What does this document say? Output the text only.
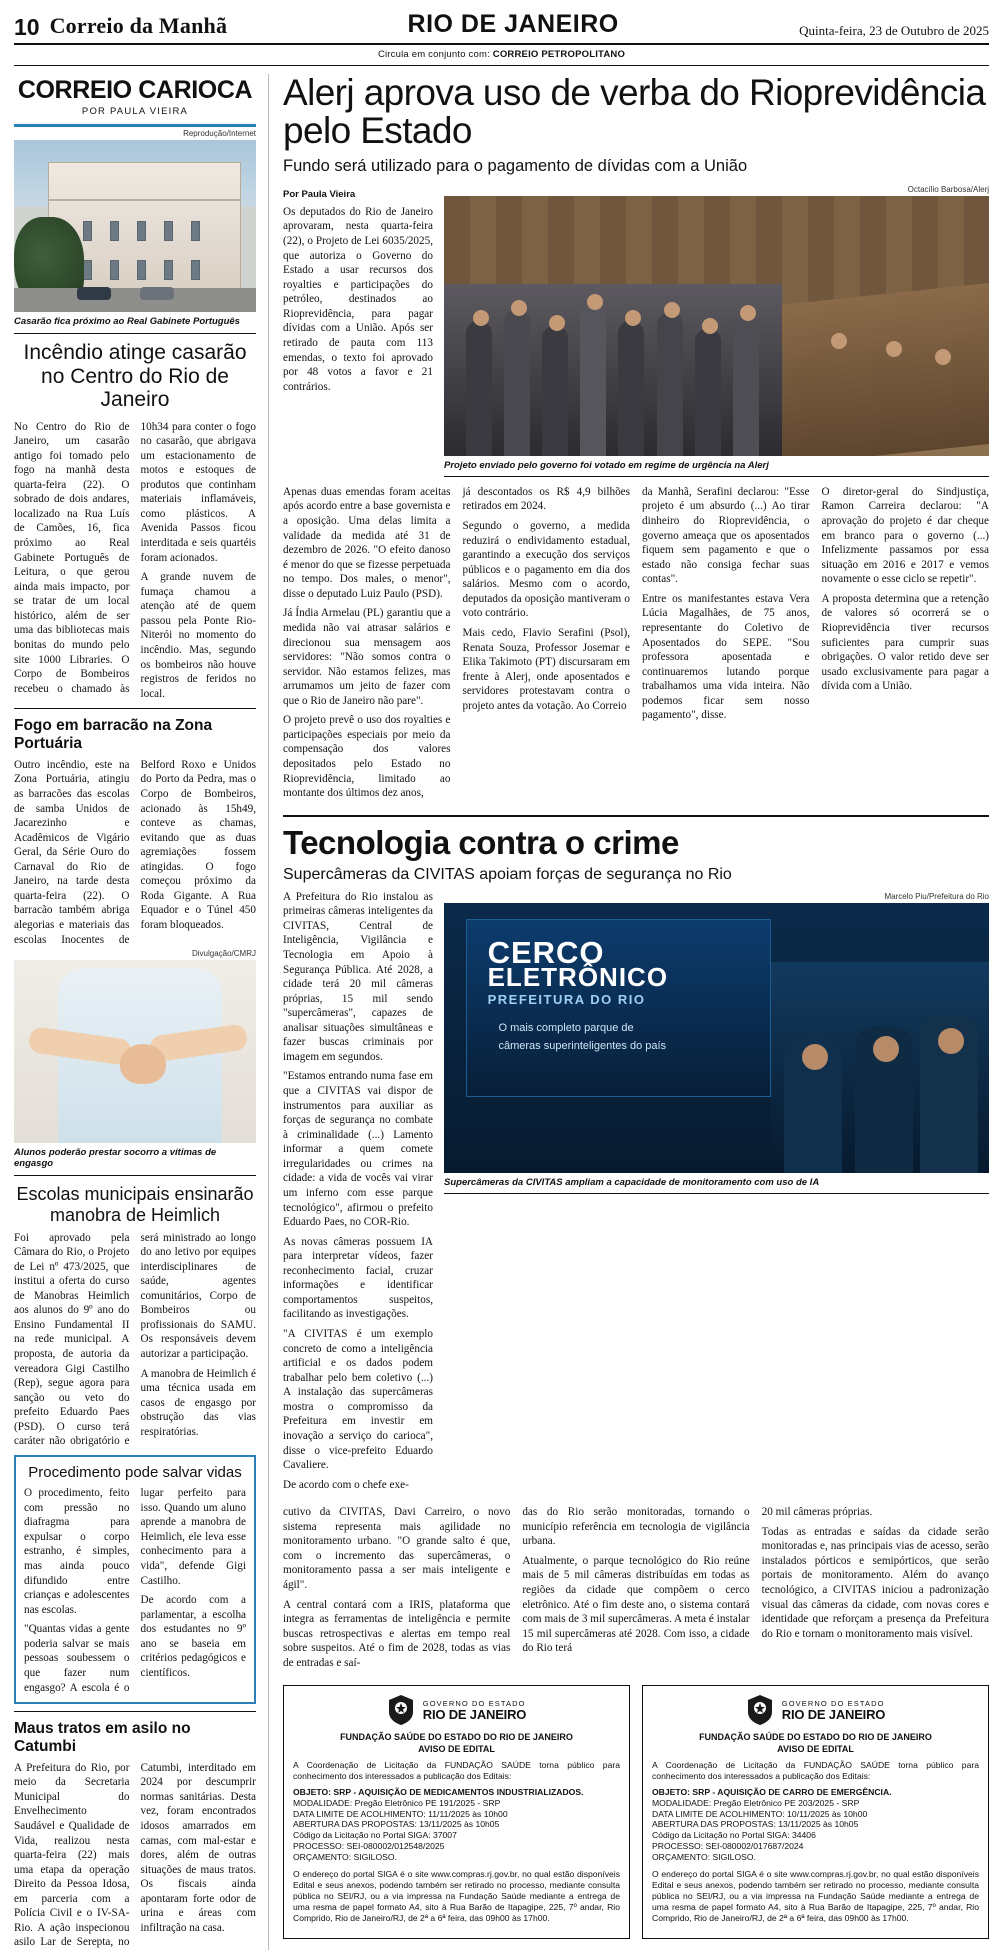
10 Correio da Manhã	RIO DE JANEIRO	Quinta-feira, 23 de Outubro de 2025
Circula em conjunto com: CORREIO PETROPOLITANO
CORREIO CARIOCA
POR PAULA VIEIRA
Reprodução/Internet
Casarão fica próximo ao Real Gabinete Português
Incêndio atinge casarão no Centro do Rio de Janeiro

No Centro do Rio de Janeiro, um casarão antigo foi tomado pelo fogo na manhã desta quarta-feira (22). O sobrado de dois andares, localizado na Rua Luís de Camões, 16, fica próximo ao Real Gabinete Português de Leitura, o que gerou ainda mais impacto, por se tratar de um local histórico, além de ser uma das bibliotecas mais bonitas do mundo pelo site 1000 Libraries. O Corpo de Bombeiros recebeu o chamado às 10h34 para conter o fogo no casarão, que abrigava um estacionamento de motos e estoques de produtos que continham materiais inflamáveis, como plásticos. A Avenida Passos ficou interditada e seis quartéis foram acionados.

A grande nuvem de fumaça chamou a atenção até de quem passou pela Ponte Rio-Niterói no momento do incêndio. Mas, segundo os bombeiros não houve registros de feridos no local.

Fogo em barracão na Zona Portuária

Outro incêndio, este na Zona Portuária, atingiu as barracões das escolas de samba Unidos de Jacarezinho e Acadêmicos de Vigário Geral, da Série Ouro do Carnaval do Rio de Janeiro, na tarde desta quarta-feira (22). O barracão também abriga alegorias e materiais das escolas Inocentes de Belford Roxo e Unidos do Porto da Pedra, mas o Corpo de Bombeiros, acionado às 15h49, conteve as chamas, evitando que as duas agremiações fossem atingidas. O fogo começou próximo da Roda Gigante. A Rua Equador e o Túnel 450 foram bloqueados.

Divulgação/CMRJ
Alunos poderão prestar socorro a vítimas de engasgo
Escolas municipais ensinarão manobra de Heimlich

Foi aprovado pela Câmara do Rio, o Projeto de Lei nº 473/2025, que institui a oferta do curso de Manobras Heimlich aos alunos do 9º ano do Ensino Fundamental II na rede municipal. A proposta, de autoria da vereadora Gigi Castilho (Rep), segue agora para sanção ou veto do prefeito Eduardo Paes (PSD). O curso terá caráter não obrigatório e será ministrado ao longo do ano letivo por equipes interdisciplinares de saúde, agentes comunitários, Corpo de Bombeiros ou profissionais do SAMU. Os responsáveis devem autorizar a participação.

A manobra de Heimlich é uma técnica usada em casos de engasgo por obstrução das vias respiratórias.

Procedimento pode salvar vidas

O procedimento, feito com pressão no diafragma para expulsar o corpo estranho, é simples, mas ainda pouco difundido entre crianças e adolescentes nas escolas.

"Quantas vidas a gente poderia salvar se mais pessoas soubessem o que fazer num engasgo? A escola é o lugar perfeito para isso. Quando um aluno aprende a manobra de Heimlich, ele leva esse conhecimento para a vida", defende Gigi Castilho.

De acordo com a parlamentar, a escolha dos estudantes no 9º ano se baseia em critérios pedagógicos e científicos.

Maus tratos em asilo no Catumbi

A Prefeitura do Rio, por meio da Secretaria Municipal do Envelhecimento Saudável e Qualidade de Vida, realizou nesta quarta-feira (22) mais uma etapa da operação Direito da Pessoa Idosa, em parceria com a Polícia Civil e o IV-SA-Rio. A ação inspecionou asilo Lar de Serepta, no Catumbi, interditado em 2024 por descumprir normas sanitárias. Desta vez, foram encontrados idosos amarrados em camas, com mal-estar e dores, além de outras situações de maus tratos. Os fiscais ainda apontaram forte odor de urina e áreas com infiltração na casa.

Alerj aprova uso de verba do Rioprevidência pelo Estado
Fundo será utilizado para o pagamento de dívidas com a União
Por Paula Vieira

Os deputados do Rio de Janeiro aprovaram, nesta quarta-feira (22), o Projeto de Lei 6035/2025, que autoriza o Governo do Estado a usar recursos dos royalties e participações do petróleo, destinados ao Rioprevidência, para pagar dívidas com a União. Após ser retirado de pauta com 113 emendas, o texto foi aprovado por 48 votos a favor e 21 contrários.

Octacílio Barbosa/Alerj
Projeto enviado pelo governo foi votado em regime de urgência na Alerj

Apenas duas emendas foram aceitas após acordo entre a base governista e a oposição. Uma delas limita a validade da medida até 31 de dezembro de 2026. "O efeito danoso é menor do que se fizesse perpetuada no tempo. Dos males, o menor", disse o deputado Luiz Paulo (PSD).

Já Índia Armelau (PL) garantiu que a medida não vai atrasar salários e direcionou sua mensagem aos servidores: "Não somos contra o servidor. Não estamos felizes, mas arrumamos um jeito de fazer com que o Rio de Janeiro não pare".

O projeto prevê o uso dos royalties e participações especiais por meio da compensação dos valores depositados pelo Estado no Rioprevidência, limitado ao montante dos últimos dez anos,

já descontados os R$ 4,9 bilhões retirados em 2024.

Segundo o governo, a medida reduzirá o endividamento estadual, garantindo a execução dos serviços públicos e o pagamento em dia dos salários. Mesmo com o acordo, deputados da oposição mantiveram o voto contrário.

Mais cedo, Flavio Serafini (Psol), Renata Souza, Professor Josemar e Elika Takimoto (PT) discursaram em frente à Alerj, onde aposentados e servidores protestavam contra o projeto antes da votação. Ao Correio

da Manhã, Serafini declarou: "Esse projeto é um absurdo (...) Ao tirar dinheiro do Rioprevidência, o governo ameaça que os aposentados fiquem sem pagamento e que o estado não consiga fechar suas contas".

Entre os manifestantes estava Vera Lúcia Magalhães, de 75 anos, representante do Coletivo de Aposentados do SEPE. "Sou professora aposentada e continuaremos lutando porque trabalhamos uma vida inteira. Não podemos ficar sem nosso pagamento", disse.

O diretor-geral do Sindjustiça, Ramon Carreira declarou: "A aprovação do projeto é dar cheque em branco para o governo (...) Infelizmente passamos por essa situação em 2016 e 2017 e vemos novamente o esse ciclo se repetir".

A proposta determina que a retenção de valores só ocorrerá se o Rioprevidência tiver recursos suficientes para cumprir suas obrigações. O valor retido deve ser usado exclusivamente para pagar a dívida com a União.

Tecnologia contra o crime
Supercâmeras da CIVITAS apoiam forças de segurança no Rio

A Prefeitura do Rio instalou as primeiras câmeras inteligentes da CIVITAS, Central de Inteligência, Vigilância e Tecnologia em Apoio à Segurança Pública. Até 2028, a cidade terá 20 mil câmeras próprias, 15 mil sendo "supercâmeras", capazes de analisar situações simultâneas e fazer buscas criminais por imagem em segundos.

"Estamos entrando numa fase em que a CIVITAS vai dispor de instrumentos para auxiliar as forças de segurança no combate à criminalidade (...) Lamento informar a quem comete irregularidades ou crimes na cidade: a vida de vocês vai virar um inferno com esse parque tecnológico", afirmou o prefeito Eduardo Paes, no COR-Rio.

As novas câmeras possuem IA para interpretar vídeos, fazer reconhecimento facial, cruzar informações e identificar comportamentos suspeitos, facilitando as investigações.

"A CIVITAS é um exemplo concreto de como a inteligência artificial e os dados podem trabalhar pelo bem coletivo (...) A instalação das supercâmeras mostra o compromisso da Prefeitura em investir em inovação a serviço do carioca", disse o vice-prefeito Eduardo Cavaliere.

De acordo com o chefe exe-

Marcelo Piu/Prefeitura do Rio
CERCO
ELETRÔNICO
PREFEITURA DO RIO
O mais completo parque de
câmeras superinteligentes do país
Supercâmeras da CIVITAS ampliam a capacidade de monitoramento com uso de IA

cutivo da CIVITAS, Davi Carreiro, o novo sistema representa mais agilidade no monitoramento urbano. "O grande salto é que, com o incremento das supercâmeras, o monitoramento passa a ser mais inteligente e ágil".

A central contará com a IRIS, plataforma que integra as ferramentas de inteligência e permite buscas retrospectivas e alertas em tempo real sobre suspeitos. Até o fim de 2028, todas as vias de entradas e saí-

das do Rio serão monitoradas, tornando o município referência em tecnologia de vigilância urbana.

Atualmente, o parque tecnológico do Rio reúne mais de 5 mil câmeras distribuídas em todas as regiões da cidade que compõem o cerco eletrônico. Até o fim deste ano, o sistema contará com mais de 3 mil supercâmeras. A meta é instalar 15 mil supercâmeras até 2028. Com isso, a cidade do Rio terá

20 mil câmeras próprias.

Todas as entradas e saídas da cidade serão monitoradas e, nas principais vias de acesso, serão instalados pórticos e semipórticos, que serão portais de monitoramento. Além do avanço tecnológico, a CIVITAS iniciou a padronização visual das câmeras da cidade, com novas cores e identidade que reforçam a presença da Prefeitura do Rio e tornam o monitoramento mais visível.

GOVERNO DO ESTADO
RIO DE JANEIRO
FUNDAÇÃO SAÚDE DO ESTADO DO RIO DE JANEIRO
AVISO DE EDITAL

A Coordenação de Licitação da FUNDAÇÃO SAÚDE torna público para conhecimento dos interessados a publicação dos Editais:

OBJETO: SRP - AQUISIÇÃO DE MEDICAMENTOS INDUSTRIALIZADOS.
MODALIDADE: Pregão Eletrônico PE 191/2025 - SRP
DATA LIMITE DE ACOLHIMENTO: 11/11/2025 às 10h00
ABERTURA DAS PROPOSTAS: 13/11/2025 às 10h05
Código da Licitação no Portal SIGA: 37007
PROCESSO: SEI-080002/012548/2025
ORÇAMENTO: SIGILOSO.

O endereço do portal SIGA é o site www.compras.rj.gov.br, no qual estão disponíveis Edital e seus anexos, podendo também ser retirado no processo, mediante consulta pública no SEI/RJ, ou a via impressa na Fundação Saúde mediante a entrega de uma resma de papel formato A4, sito à Rua Barão de Itapagipe, 225, 7º andar, Rio Comprido, Rio de Janeiro/RJ, de 2ª a 6ª feira, das 09h00 às 17h00.

GOVERNO DO ESTADO
RIO DE JANEIRO
FUNDAÇÃO SAÚDE DO ESTADO DO RIO DE JANEIRO
AVISO DE EDITAL

A Coordenação de Licitação da FUNDAÇÃO SAÚDE torna público para conhecimento dos interessados a publicação dos Editais:

OBJETO: SRP - AQUISIÇÃO DE CARRO DE EMERGÊNCIA.
MODALIDADE: Pregão Eletrônico PE 203/2025 - SRP
DATA LIMITE DE ACOLHIMENTO: 10/11/2025 às 10h00
ABERTURA DAS PROPOSTAS: 13/11/2025 às 10h05
Código da Licitação no Portal SIGA: 34406
PROCESSO: SEI-080002/017687/2024
ORÇAMENTO: SIGILOSO.

O endereço do portal SIGA é o site www.compras.rj.gov.br, no qual estão disponíveis Edital e seus anexos, podendo também ser retirado no processo, mediante consulta pública no SEI/RJ, ou a via impressa na Fundação Saúde mediante a entrega de uma resma de papel formato A4, sito à Rua Barão de Itapagipe, 225, 7º andar, Rio Comprido, Rio de Janeiro/RJ, de 2ª a 6ª feira, das 09h00 às 17h00.
